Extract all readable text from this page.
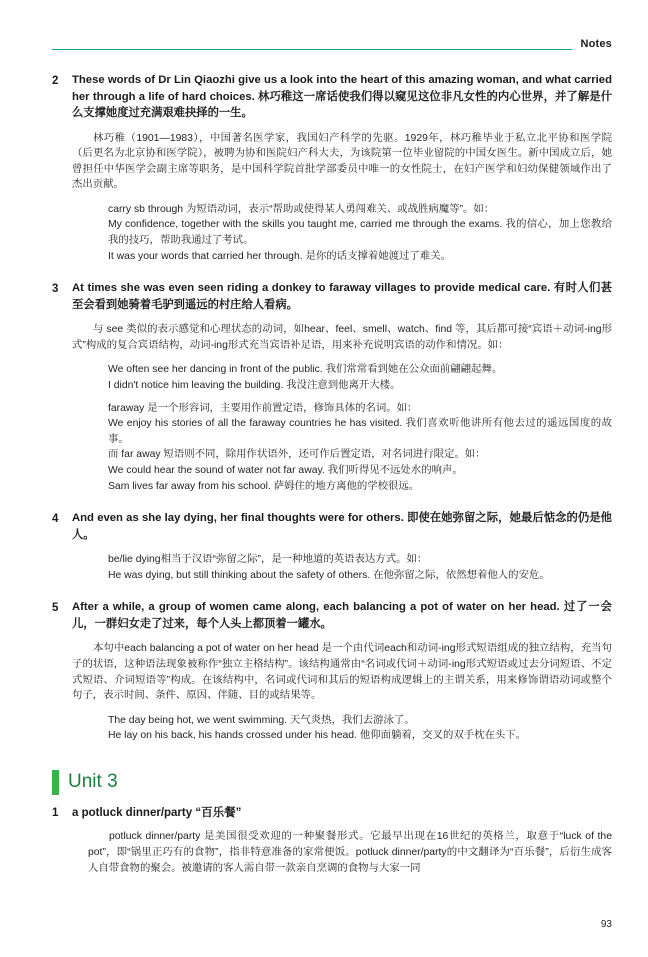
Notes
2	These words of Dr Lin Qiaozhi give us a look into the heart of this amazing woman, and what carried her through a life of hard choices. 林巧稚这一席话使我们得以窥见这位非凡女性的内心世界，并了解是什么支撑她度过充满艰难抉择的一生。

林巧稚（1901—1983），中国著名医学家，我国妇产科学的先驱。1929年，林巧稚毕业于私立北平协和医学院（后更名为北京协和医学院），被聘为协和医院妇产科大夫，为该院第一位毕业留院的中国女医生。新中国成立后，她曾担任中华医学会副主席等职务，是中国科学院首批学部委员中唯一的女性院士，在妇产医学和妇幼保健领域作出了杰出贡献。

carry sb through 为短语动词，表示“帮助或使得某人勇闯难关、或战胜病魔等”。如：

My confidence, together with the skills you taught me, carried me through the exams. 我的信心，加上您教给我的技巧，帮助我通过了考试。

It was your words that carried her through. 是你的话支撑着她渡过了难关。

3	At times she was even seen riding a donkey to faraway villages to provide medical care. 有时人们甚至会看到她骑着毛驴到遥远的村庄给人看病。

与 see 类似的表示感觉和心理状态的动词，如hear、feel、smell、watch、find 等，其后都可接“宾语＋动词-ing形式”构成的复合宾语结构，动词-ing形式充当宾语补足语，用来补充说明宾语的动作和情况。如：

We often see her dancing in front of the public. 我们常常看到她在公众面前翩翩起舞。

I didn't notice him leaving the building. 我没注意到他离开大楼。

faraway 是一个形容词，主要用作前置定语，修饰具体的名词。如：

We enjoy his stories of all the faraway countries he has visited. 我们喜欢听他讲所有他去过的遥远国度的故事。

而 far away 短语则不同，除用作状语外，还可作后置定语，对名词进行限定。如：

We could hear the sound of water not far away. 我们听得见不远处水的响声。

Sam lives far away from his school. 萨姆住的地方离他的学校很远。

4	And even as she lay dying, her final thoughts were for others. 即使在她弥留之际，她最后惦念的仍是他人。

be/lie dying相当于汉语“弥留之际”，是一种地道的英语表达方式。如：

He was dying, but still thinking about the safety of others. 在他弥留之际，依然想着他人的安危。

5	After a while, a group of women came along, each balancing a pot of water on her head. 过了一会儿，一群妇女走了过来，每个人头上都顶着一罐水。

本句中each balancing a pot of water on her head 是一个由代词each和动词-ing形式短语组成的独立结构，充当句子的状语，这种语法现象被称作“独立主格结构”。该结构通常由“名词或代词＋动词-ing形式短语或过去分词短语、不定式短语、介词短语等”构成。在该结构中，名词或代词和其后的短语构成逻辑上的主谓关系，用来修饰谓语动词或整个句子，表示时间、条件、原因、伴随、目的或结果等。

The day being hot, we went swimming. 天气炎热，我们去游泳了。

He lay on his back, his hands crossed under his head. 他仰面躺着，交叉的双手枕在头下。

Unit 3
1	a potluck dinner/party “百乐餐”

potluck dinner/party 是美国很受欢迎的一种聚餐形式。它最早出现在16世纪的英格兰，取意于“luck of the pot”，即“锅里正巧有的食物”，指非特意准备的家常便饭。potluck dinner/party的中文翻译为“百乐餐”，后衍生成客人自带食物的聚会。被邀请的客人需自带一款亲自烹调的食物与大家一同

93
